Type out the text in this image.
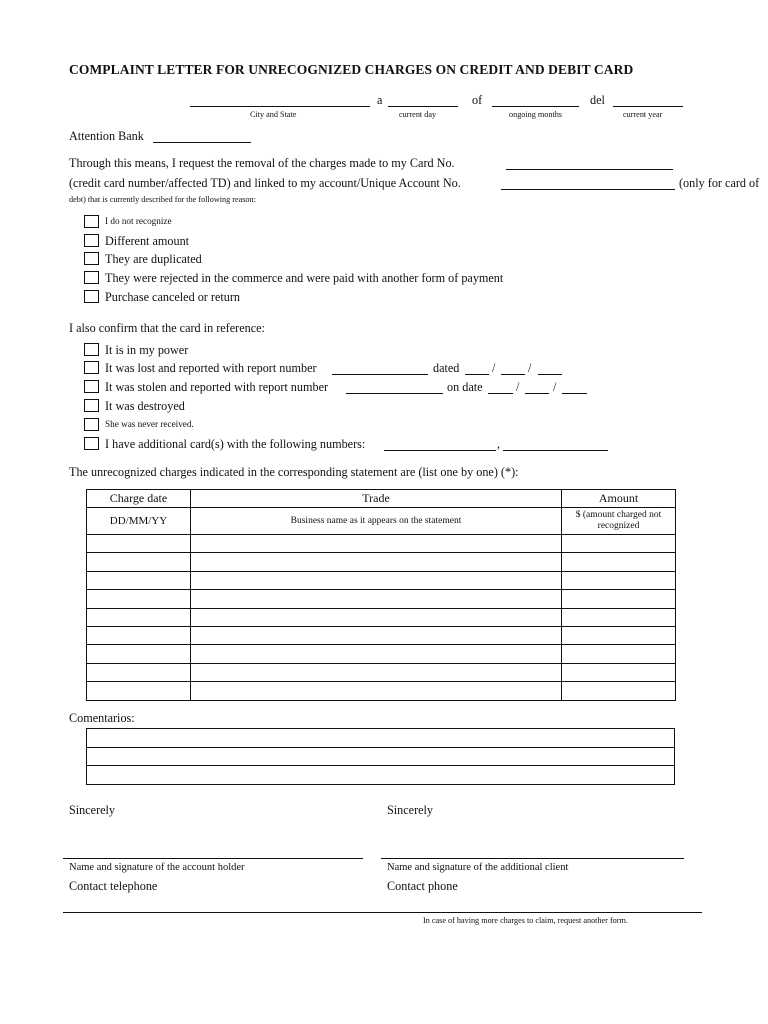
COMPLAINT LETTER FOR UNRECOGNIZED CHARGES ON CREDIT AND DEBIT CARD
a	of	del
City and State	current day	ongoing months	current year
Attention Bank
Through this means, I request the removal of the charges made to my Card No.
(credit card number/affected TD) and linked to my account/Unique Account No.	(only for card of
debt) that is currently described for the following reason:
I do not recognize
Different amount
They are duplicated
They were rejected in the commerce and were paid with another form of payment
Purchase canceled or return
I also confirm that the card in reference:
It is in my power
It was lost and reported with report number	dated	/	/
It was stolen and reported with report number	on date	/	/
It was destroyed
She was never received.
I have additional card(s) with the following numbers:	,
The unrecognized charges indicated in the corresponding statement are (list one by one) (*):
Charge date	Trade	Amount
DD/MM/YY	Business name as it appears on the statement	$ (amount charged not recognized

Comentarios:

Sincerely	Sincerely
Name and signature of the account holder	Name and signature of the additional client
Contact telephone	Contact phone
In case of having more charges to claim, request another form.
